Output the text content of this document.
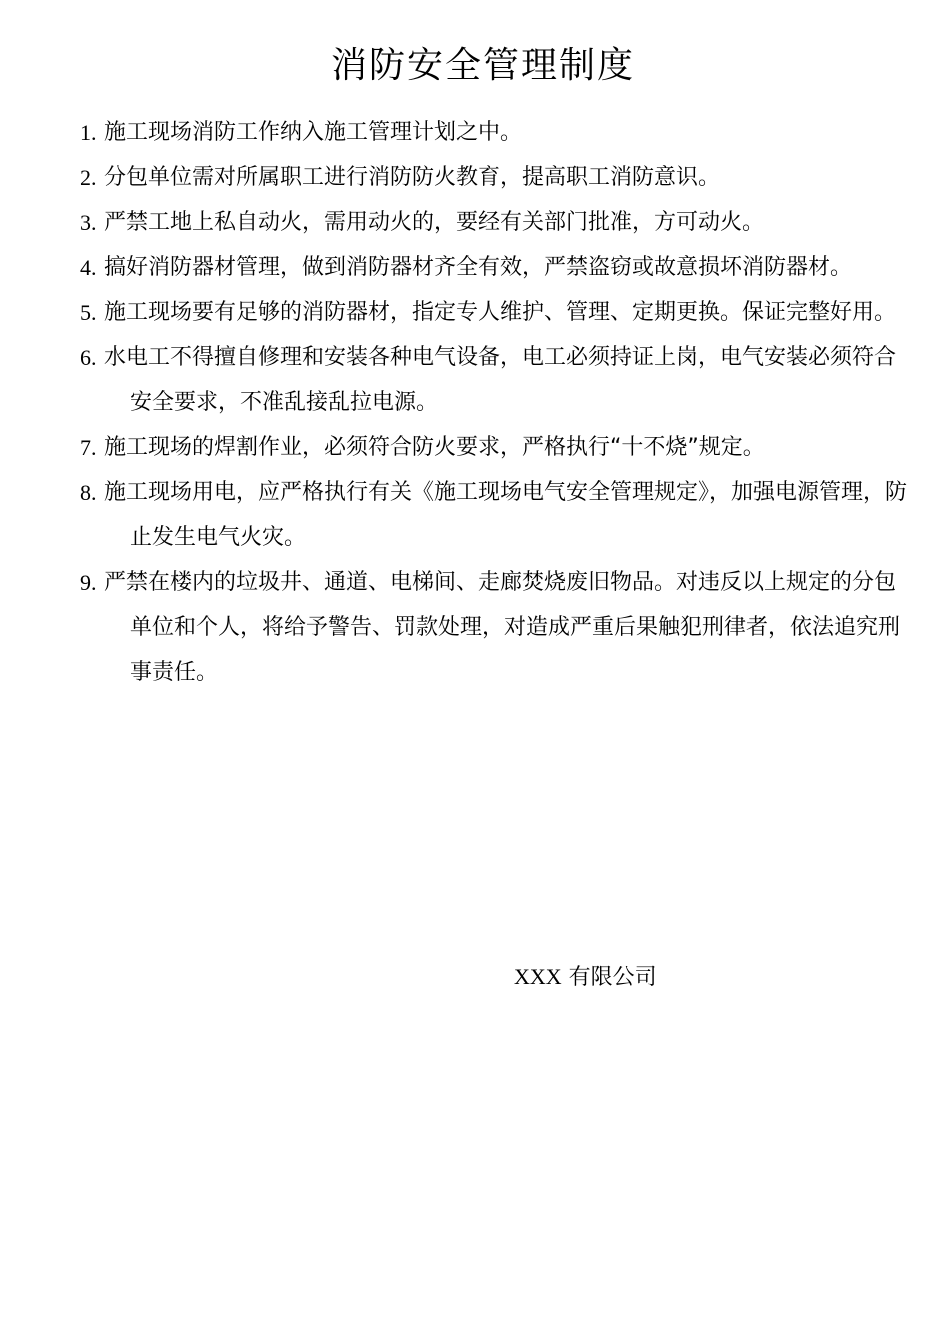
消防安全管理制度
1. 施工现场消防工作纳入施工管理计划之中。
2. 分包单位需对所属职工进行消防防火教育，提高职工消防意识。
3. 严禁工地上私自动火，需用动火的，要经有关部门批准，方可动火。
4. 搞好消防器材管理，做到消防器材齐全有效，严禁盗窃或故意损坏消防器材。
5. 施工现场要有足够的消防器材，指定专人维护、管理、定期更换。保证完整好用。
6. 水电工不得擅自修理和安装各种电气设备，电工必须持证上岗，电气安装必须符合安全要求，不准乱接乱拉电源。
7. 施工现场的焊割作业，必须符合防火要求，严格执行“十不烧”规定。
8. 施工现场用电，应严格执行有关《施工现场电气安全管理规定》，加强电源管理，防止发生电气火灾。
9. 严禁在楼内的垃圾井、通道、电梯间、走廊焚烧废旧物品。对违反以上规定的分包单位和个人，将给予警告、罚款处理，对造成严重后果触犯刑律者，依法追究刑事责任。
XXX 有限公司
